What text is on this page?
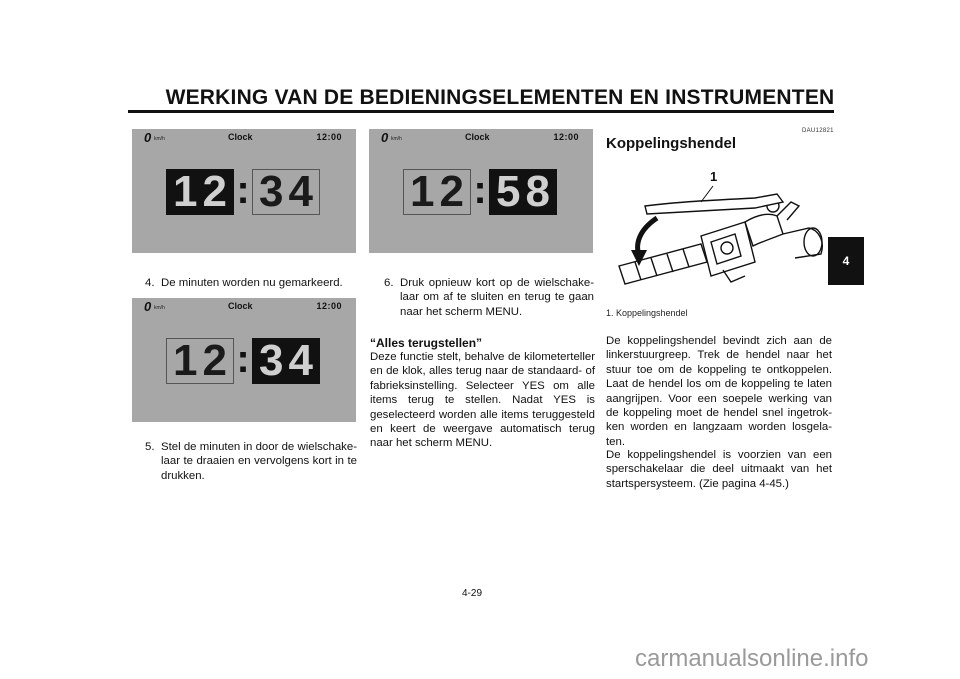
WERKING VAN DE BEDIENINGSELEMENTEN EN INSTRUMENTEN
4
0 km/h	Clock	12:00
12 : 34
4. De minuten worden nu gemarkeerd.
0 km/h	Clock	12:00
12 : 34
5. Stel de minuten in door de wielschake-laar te draaien en vervolgens kort in te drukken.
0 km/h	Clock	12:00
12 : 58
6. Druk opnieuw kort op de wielschake-laar om af te sluiten en terug te gaan naar het scherm MENU.
“Alles terugstellen”
Deze functie stelt, behalve de kilometerteller en de klok, alles terug naar de standaard- of fabrieksinstelling. Selecteer YES om alle items terug te stellen. Nadat YES is geselecteerd worden alle items teruggesteld en keert de weergave automatisch terug naar het scherm MENU.
DAU12821
Koppelingshendel
1
1. Koppelingshendel
De koppelingshendel bevindt zich aan de linkerstuurgreep. Trek de hendel naar het stuur toe om de koppeling te ontkoppelen. Laat de hendel los om de koppeling te laten aangrijpen. Voor een soepele werking van de koppeling moet de hendel snel ingetrok-ken worden en langzaam worden losgela-ten.
De koppelingshendel is voorzien van een sperschakelaar die deel uitmaakt van het startspersysteem. (Zie pagina 4-45.)
4-29
carmanualsonline.info
